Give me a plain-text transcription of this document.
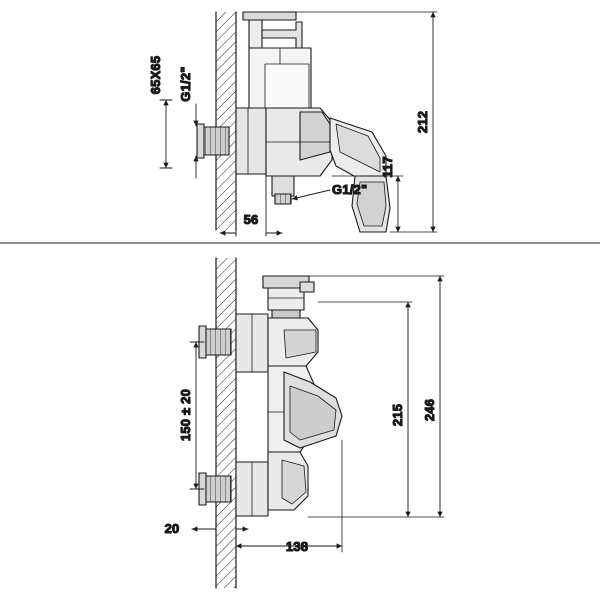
65X65 G1/2"
212
117
G1/2"
56
246
215
150 ± 20
20
138
